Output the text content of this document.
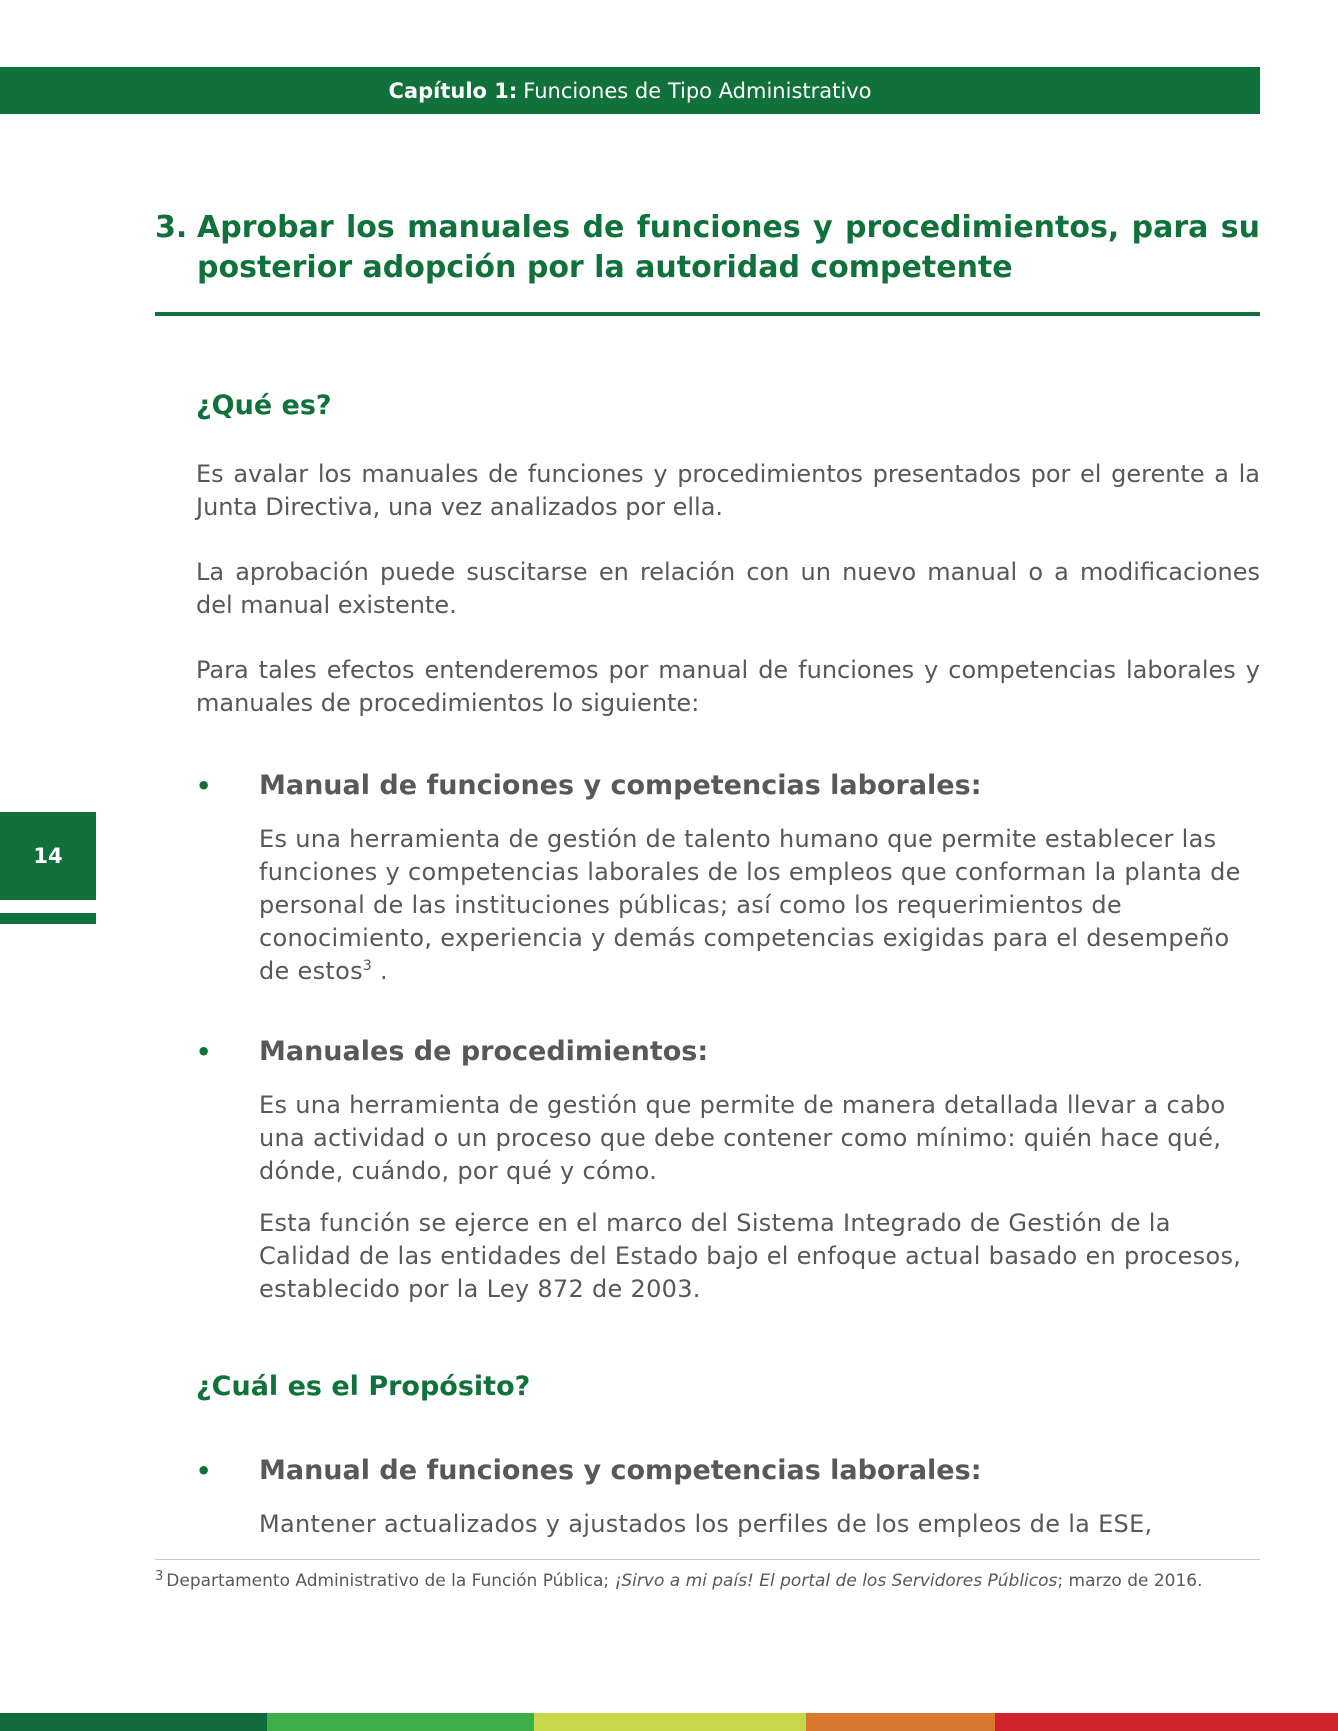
Capítulo 1: Funciones de Tipo Administrativo
3. Aprobar los manuales de funciones y procedimientos, para su posterior adopción por la autoridad competente
¿Qué es?
Es avalar los manuales de funciones y procedimientos presentados por el gerente a la Junta Directiva, una vez analizados por ella.
La aprobación puede suscitarse en relación con un nuevo manual o a modificaciones del manual existente.
Para tales efectos entenderemos por manual de funciones y competencias laborales y manuales de procedimientos lo siguiente:
• Manual de funciones y competencias laborales:
Es una herramienta de gestión de talento humano que permite establecer las funciones y competencias laborales de los empleos que conforman la planta de personal de las instituciones públicas; así como los requerimientos de conocimiento, experiencia y demás competencias exigidas para el desempeño de estos$^3$ .
• Manuales de procedimientos:
Es una herramienta de gestión que permite de manera detallada llevar a cabo una actividad o un proceso que debe contener como mínimo: quién hace qué, dónde, cuándo, por qué y cómo.
Esta función se ejerce en el marco del Sistema Integrado de Gestión de la Calidad de las entidades del Estado bajo el enfoque actual basado en procesos, establecido por la Ley 872 de 2003.
¿Cuál es el Propósito?
• Manual de funciones y competencias laborales:
Mantener actualizados y ajustados los perfiles de los empleos de la ESE,
14
$^3$ Departamento Administrativo de la Función Pública; ¡Sirvo a mi país! El portal de los Servidores Públicos; marzo de 2016.
